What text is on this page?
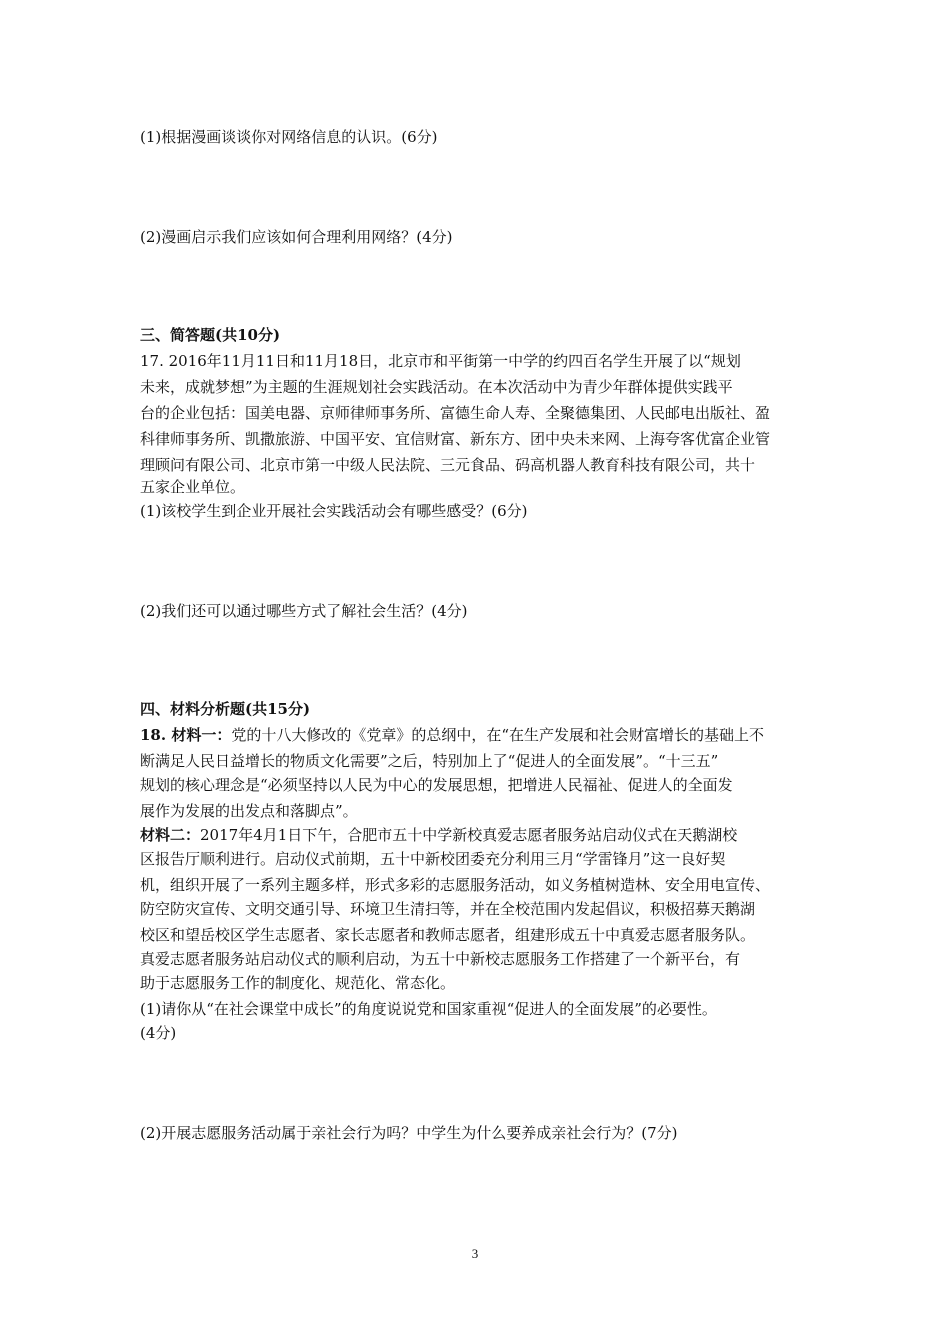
(1)根据漫画谈谈你对网络信息的认识。(6分)
(2)漫画启示我们应该如何合理利用网络？(4分)
三、简答题(共10分)
17. 2016年11月11日和11月18日，北京市和平街第一中学的约四百名学生开展了以“规划
未来，成就梦想”为主题的生涯规划社会实践活动。在本次活动中为青少年群体提供实践平
台的企业包括：国美电器、京师律师事务所、富德生命人寿、全聚德集团、人民邮电出版社、盈
科律师事务所、凯撒旅游、中国平安、宜信财富、新东方、团中央未来网、上海夸客优富企业管
理顾问有限公司、北京市第一中级人民法院、三元食品、码高机器人教育科技有限公司，共十
五家企业单位。
(1)该校学生到企业开展社会实践活动会有哪些感受？(6分)
(2)我们还可以通过哪些方式了解社会生活？(4分)
四、材料分析题(共15分)
18. 材料一：党的十八大修改的《党章》的总纲中，在“在生产发展和社会财富增长的基础上不
断满足人民日益增长的物质文化需要”之后，特别加上了“促进人的全面发展”。“十三五”
规划的核心理念是“必须坚持以人民为中心的发展思想，把增进人民福祉、促进人的全面发
展作为发展的出发点和落脚点”。
材料二：2017年4月1日下午，合肥市五十中学新校真爱志愿者服务站启动仪式在天鹅湖校
区报告厅顺利进行。启动仪式前期，五十中新校团委充分利用三月“学雷锋月”这一良好契
机，组织开展了一系列主题多样，形式多彩的志愿服务活动，如义务植树造林、安全用电宣传、
防空防灾宣传、文明交通引导、环境卫生清扫等，并在全校范围内发起倡议，积极招募天鹅湖
校区和望岳校区学生志愿者、家长志愿者和教师志愿者，组建形成五十中真爱志愿者服务队。
真爱志愿者服务站启动仪式的顺利启动，为五十中新校志愿服务工作搭建了一个新平台，有
助于志愿服务工作的制度化、规范化、常态化。
(1)请你从“在社会课堂中成长”的角度说说党和国家重视“促进人的全面发展”的必要性。
(4分)
(2)开展志愿服务活动属于亲社会行为吗？中学生为什么要养成亲社会行为？(7分)
3
